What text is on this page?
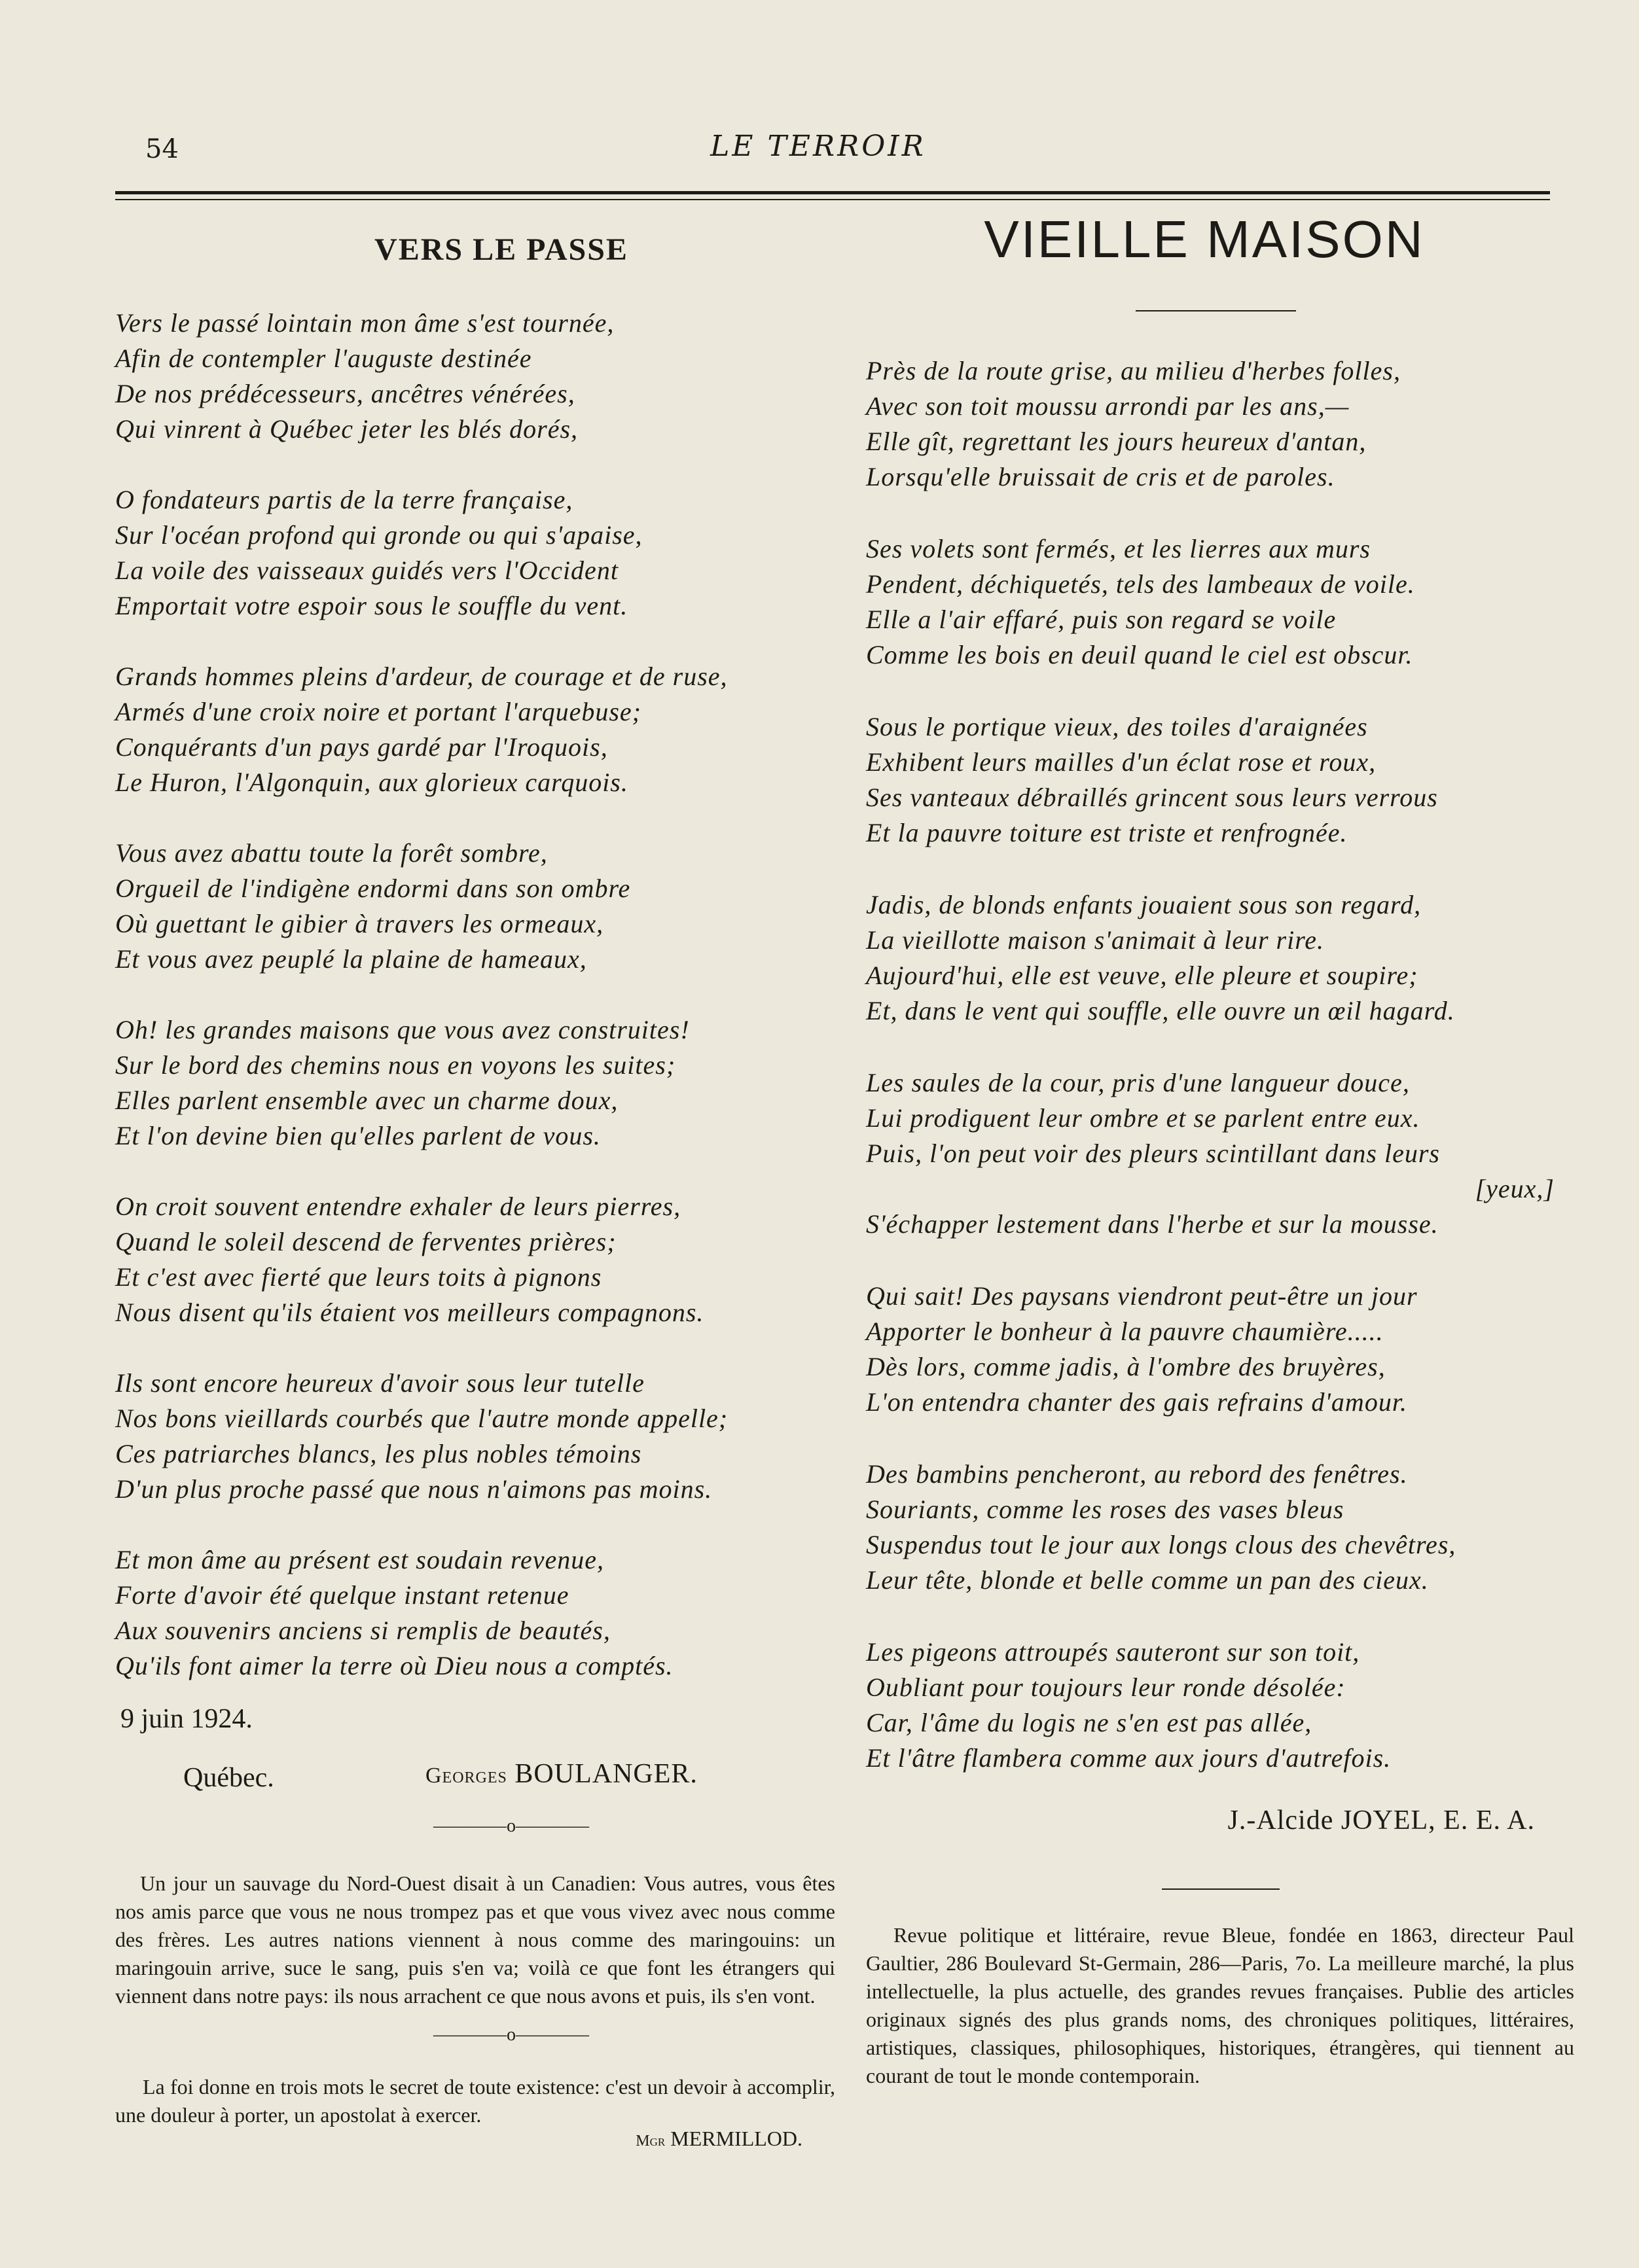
54	LE TERROIR
VERS LE PASSE
Vers le passé lointain mon âme s'est tournée,
Afin de contempler l'auguste destinée
De nos prédécesseurs, ancêtres vénérées,
Qui vinrent à Québec jeter les blés dorés,
O fondateurs partis de la terre française,
Sur l'océan profond qui gronde ou qui s'apaise,
La voile des vaisseaux guidés vers l'Occident
Emportait votre espoir sous le souffle du vent.
Grands hommes pleins d'ardeur, de courage et de ruse,
Armés d'une croix noire et portant l'arquebuse;
Conquérants d'un pays gardé par l'Iroquois,
Le Huron, l'Algonquin, aux glorieux carquois.
Vous avez abattu toute la forêt sombre,
Orgueil de l'indigène endormi dans son ombre
Où guettant le gibier à travers les ormeaux,
Et vous avez peuplé la plaine de hameaux,
Oh! les grandes maisons que vous avez construites!
Sur le bord des chemins nous en voyons les suites;
Elles parlent ensemble avec un charme doux,
Et l'on devine bien qu'elles parlent de vous.
On croit souvent entendre exhaler de leurs pierres,
Quand le soleil descend de ferventes prières;
Et c'est avec fierté que leurs toits à pignons
Nous disent qu'ils étaient vos meilleurs compagnons.
Ils sont encore heureux d'avoir sous leur tutelle
Nos bons vieillards courbés que l'autre monde appelle;
Ces patriarches blancs, les plus nobles témoins
D'un plus proche passé que nous n'aimons pas moins.
Et mon âme au présent est soudain revenue,
Forte d'avoir été quelque instant retenue
Aux souvenirs anciens si remplis de beautés,
Qu'ils font aimer la terre où Dieu nous a comptés.
9 juin 1924.
Québec.	Georges BOULANGER.
————o————
Un jour un sauvage du Nord-Ouest disait à un Canadien: Vous autres, vous êtes nos amis parce que vous ne nous trompez pas et que vous vivez avec nous comme des frères. Les autres nations viennent à nous comme des maringouins: un maringouin arrive, suce le sang, puis s'en va; voilà ce que font les étrangers qui viennent dans notre pays: ils nous arrachent ce que nous avons et puis, ils s'en vont.
————o————
La foi donne en trois mots le secret de toute existence: c'est un devoir à accomplir, une douleur à porter, un apostolat à exercer.
Mgr MERMILLOD.
VIEILLE MAISON
Près de la route grise, au milieu d'herbes folles,
Avec son toit moussu arrondi par les ans,—
Elle gît, regrettant les jours heureux d'antan,
Lorsqu'elle bruissait de cris et de paroles.
Ses volets sont fermés, et les lierres aux murs
Pendent, déchiquetés, tels des lambeaux de voile.
Elle a l'air effaré, puis son regard se voile
Comme les bois en deuil quand le ciel est obscur.
Sous le portique vieux, des toiles d'araignées
Exhibent leurs mailles d'un éclat rose et roux,
Ses vanteaux débraillés grincent sous leurs verrous
Et la pauvre toiture est triste et renfrognée.
Jadis, de blonds enfants jouaient sous son regard,
La vieillotte maison s'animait à leur rire.
Aujourd'hui, elle est veuve, elle pleure et soupire;
Et, dans le vent qui souffle, elle ouvre un œil hagard.
Les saules de la cour, pris d'une langueur douce,
Lui prodiguent leur ombre et se parlent entre eux.
Puis, l'on peut voir des pleurs scintillant dans leurs
[yeux,]
S'échapper lestement dans l'herbe et sur la mousse.
Qui sait! Des paysans viendront peut-être un jour
Apporter le bonheur à la pauvre chaumière.....
Dès lors, comme jadis, à l'ombre des bruyères,
L'on entendra chanter des gais refrains d'amour.
Des bambins pencheront, au rebord des fenêtres.
Souriants, comme les roses des vases bleus
Suspendus tout le jour aux longs clous des chevêtres,
Leur tête, blonde et belle comme un pan des cieux.
Les pigeons attroupés sauteront sur son toit,
Oubliant pour toujours leur ronde désolée:
Car, l'âme du logis ne s'en est pas allée,
Et l'âtre flambera comme aux jours d'autrefois.
J.-Alcide JOYEL, E. E. A.
Revue politique et littéraire, revue Bleue, fondée en 1863, directeur Paul Gaultier, 286 Boulevard St-Germain, 286—Paris, 7o. La meilleure marché, la plus intellectuelle, la plus actuelle, des grandes revues françaises. Publie des articles originaux signés des plus grands noms, des chroniques politiques, littéraires, artistiques, classiques, philosophiques, historiques, étrangères, qui tiennent au courant de tout le monde contemporain.
